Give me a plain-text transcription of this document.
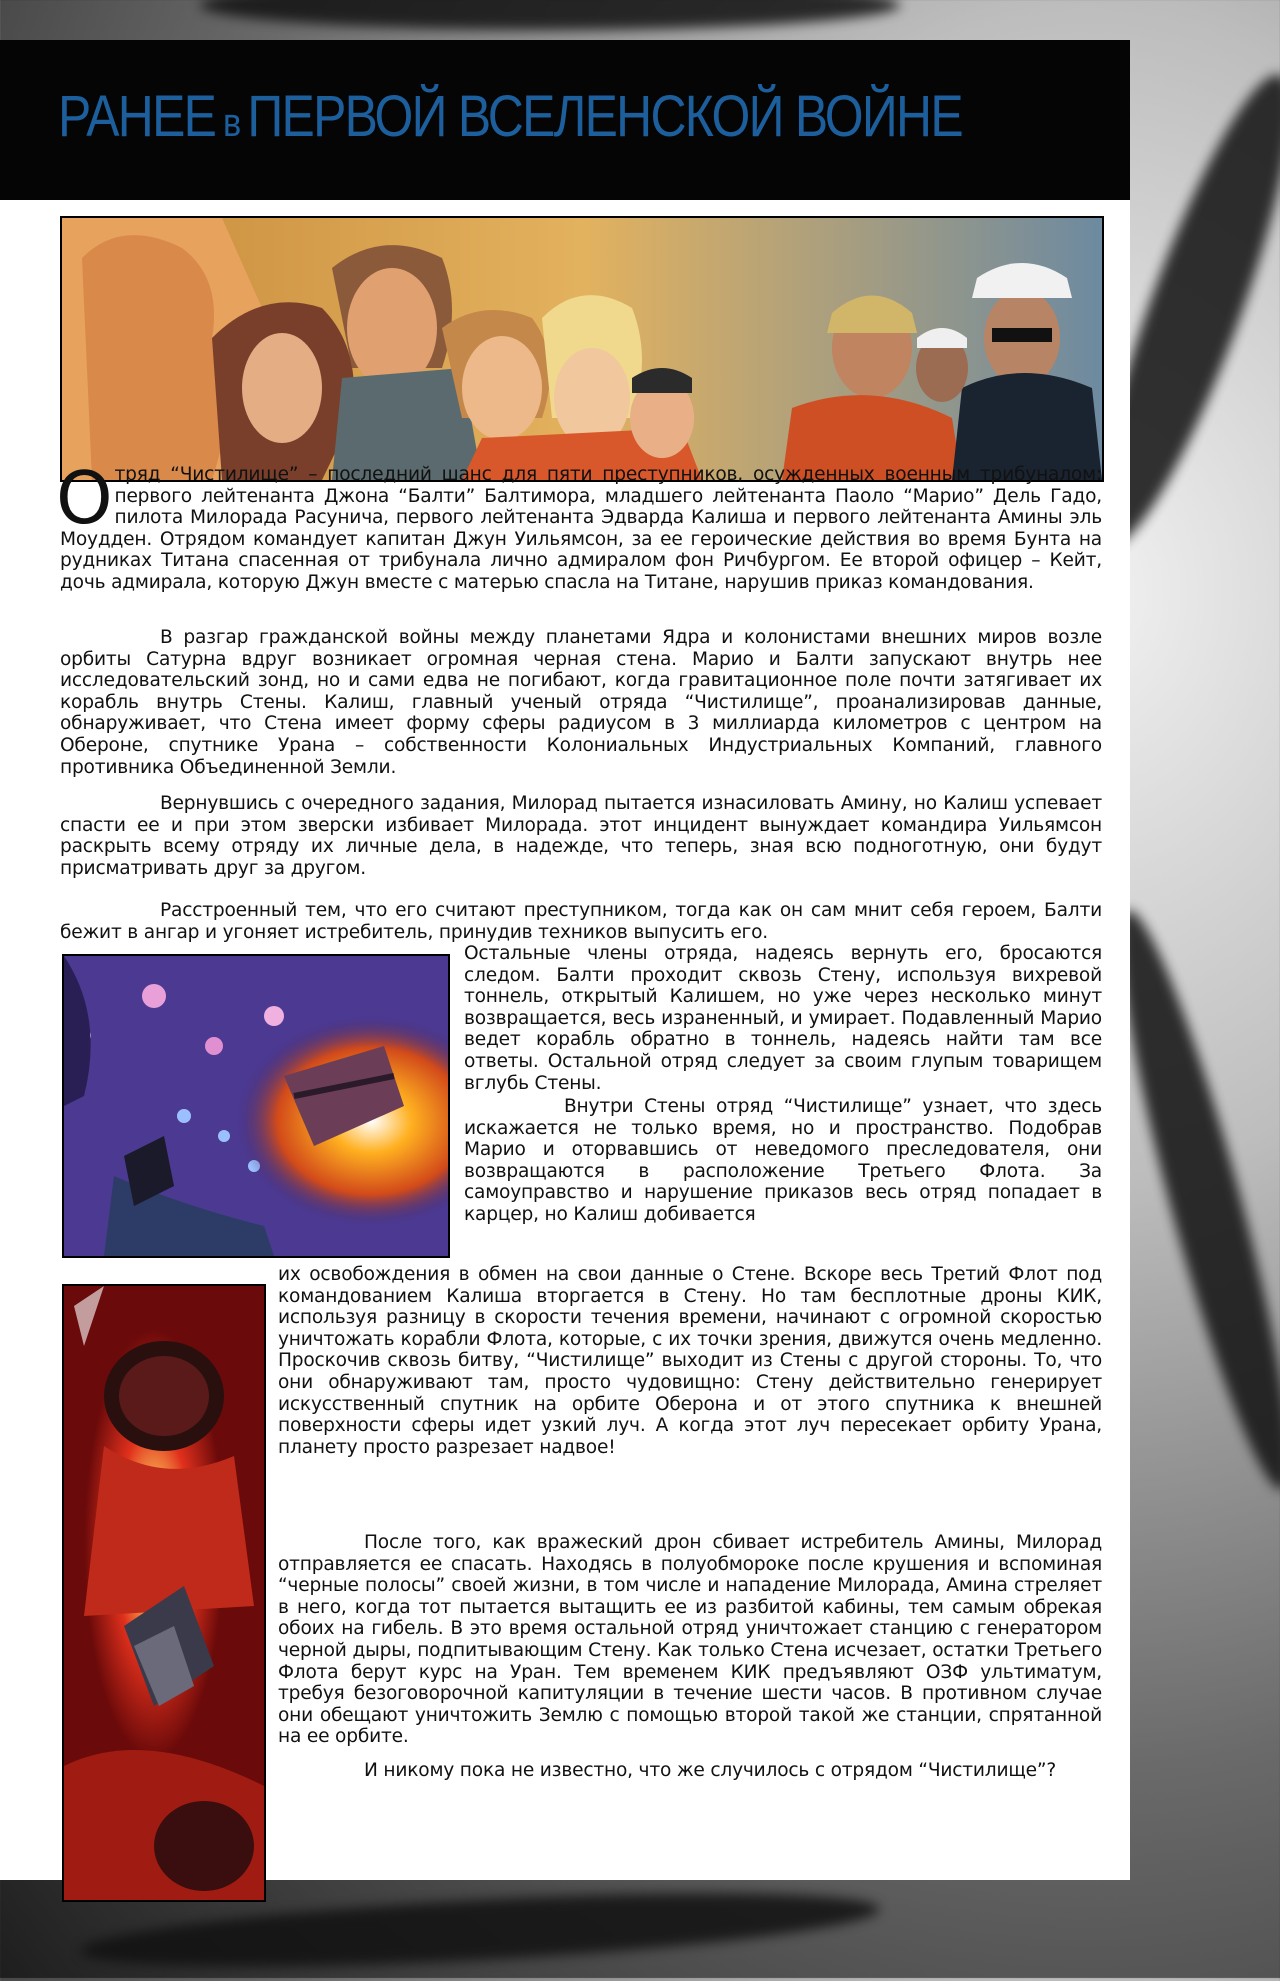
РАНЕЕ в ПЕРВОЙ ВСЕЛЕНСКОЙ ВОЙНЕ

Отряд “Чистилище” – последний шанс для пяти преступников, осужденных военным трибуналом: первого лейтенанта Джона “Балти” Балтимора, младшего лейтенанта Паоло “Марио” Дель Гадо, пилота Милорада Расунича, первого лейтенанта Эдварда Калиша и первого лейтенанта Амины эль Моудден. Отрядом командует капитан Джун Уильямсон, за ее героические действия во время Бунта на рудниках Титана спасенная от трибунала лично адмиралом фон Ричбургом. Ее второй офицер – Кейт, дочь адмирала, которую Джун вместе с матерью спасла на Титане, нарушив приказ командования.

В разгар гражданской войны между планетами Ядра и колонистами внешних миров возле орбиты Сатурна вдруг возникает огромная черная стена. Марио и Балти запускают внутрь нее исследовательский зонд, но и сами едва не погибают, когда гравитационное поле почти затягивает их корабль внутрь Стены. Калиш, главный ученый отряда “Чистилище”, проанализировав данные, обнаруживает, что Стена имеет форму сферы радиусом в 3 миллиарда километров с центром на Обероне, спутнике Урана – собственности Колониальных Индустриальных Компаний, главного противника Объединенной Земли.

Вернувшись с очередного задания, Милорад пытается изнасиловать Амину, но Калиш успевает спасти ее и при этом зверски избивает Милорада. этот инцидент вынуждает командира Уильямсон раскрыть всему отряду их личные дела, в надежде, что теперь, зная всю подноготную, они будут присматривать друг за другом.

Расстроенный тем, что его считают преступником, тогда как он сам мнит себя героем, Балти бежит в ангар и угоняет истребитель, принудив техников выпусить его.

Остальные члены отряда, надеясь вернуть его, бросаются следом. Балти проходит сквозь Стену, используя вихревой тоннель, открытый Калишем, но уже через несколько минут возвращается, весь израненный, и умирает. Подавленный Марио ведет корабль обратно в тоннель, надеясь найти там все ответы. Остальной отряд следует за своим глупым товарищем вглубь Стены.

Внутри Стены отряд “Чистилище” узнает, что здесь искажается не только время, но и пространство. Подобрав Марио и оторвавшись от неведомого преследователя, они возвращаются в расположение Третьего Флота. За самоуправство и нарушение приказов весь отряд попадает в карцер, но Калиш добивается

их освобождения в обмен на свои данные о Стене. Вскоре весь Третий Флот под командованием Калиша вторгается в Стену. Но там бесплотные дроны КИК, используя разницу в скорости течения времени, начинают с огромной скоростью уничтожать корабли Флота, которые, с их точки зрения, движутся очень медленно. Проскочив сквозь битву, “Чистилище” выходит из Стены с другой стороны. То, что они обнаруживают там, просто чудовищно: Стену действительно генерирует искусственный спутник на орбите Оберона и от этого спутника к внешней поверхности сферы идет узкий луч. А когда этот луч пересекает орбиту Урана, планету просто разрезает надвое!

После того, как вражеский дрон сбивает истребитель Амины, Милорад отправляется ее спасать. Находясь в полуобмороке после крушения и вспоминая “черные полосы” своей жизни, в том числе и нападение Милорада, Амина стреляет в него, когда тот пытается вытащить ее из разбитой кабины, тем самым обрекая обоих на гибель. В это время остальной отряд уничтожает станцию с генератором черной дыры, подпитывающим Стену. Как только Стена исчезает, остатки Третьего Флота берут курс на Уран. Тем временем КИК предъявляют ОЗФ ультиматум, требуя безоговорочной капитуляции в течение шести часов. В противном случае они обещают уничтожить Землю с помощью второй такой же станции, спрятанной на ее орбите.

И никому пока не известно, что же случилось с отрядом “Чистилище”?
